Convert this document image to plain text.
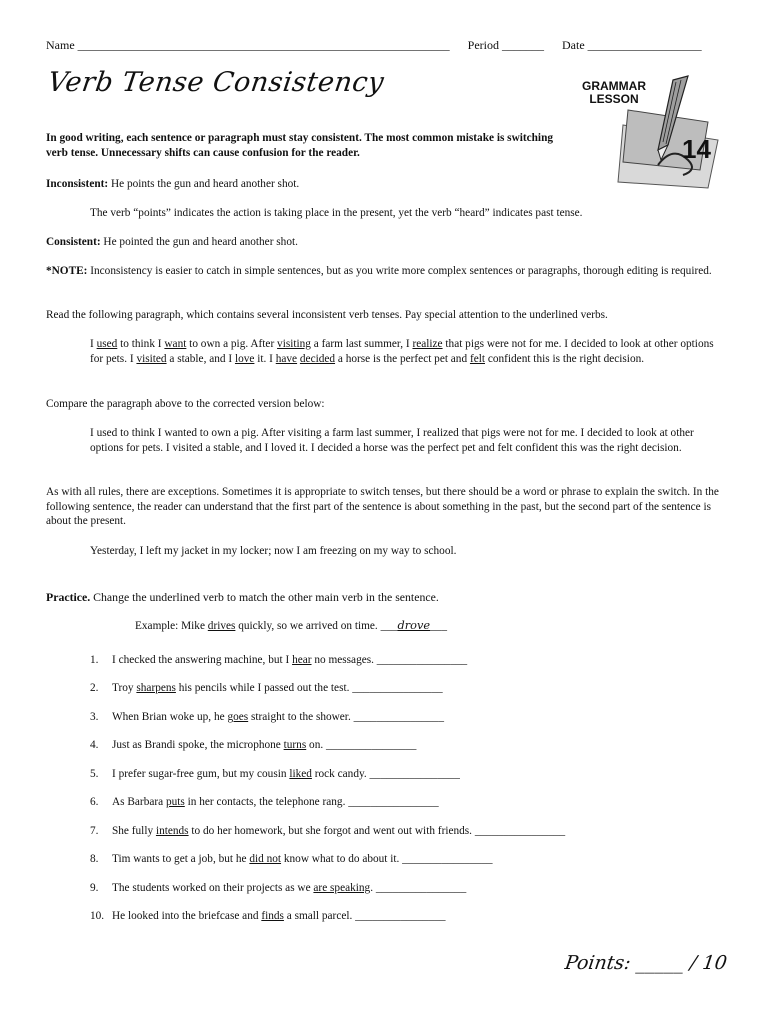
Name ______________________________________________________________ Period _______ Date ___________________
Verb Tense Consistency	GRAMMAR
LESSON
14
In good writing, each sentence or paragraph must stay consistent. The most common mistake is switching verb tense. Unnecessary shifts can cause confusion for the reader.
Inconsistent: He points the gun and heard another shot.
The verb “points” indicates the action is taking place in the present, yet the verb “heard” indicates past tense.
Consistent: He pointed the gun and heard another shot.
*NOTE: Inconsistency is easier to catch in simple sentences, but as you write more complex sentences or paragraphs, thorough editing is required.
Read the following paragraph, which contains several inconsistent verb tenses. Pay special attention to the underlined verbs.
I used to think I want to own a pig. After visiting a farm last summer, I realize that pigs were not for me. I decided to look at other options for pets. I visited a stable, and I love it. I have decided a horse is the perfect pet and felt confident this is the right decision.
Compare the paragraph above to the corrected version below:
I used to think I wanted to own a pig. After visiting a farm last summer, I realized that pigs were not for me. I decided to look at other options for pets. I visited a stable, and I loved it. I decided a horse was the perfect pet and felt confident this was the right decision.
As with all rules, there are exceptions. Sometimes it is appropriate to switch tenses, but there should be a word or phrase to explain the switch. In the following sentence, the reader can understand that the first part of the sentence is about something in the past, but the second part of the sentence is about the present.
Yesterday, I left my jacket in my locker; now I am freezing on my way to school.
Practice. Change the underlined verb to match the other main verb in the sentence.
Example: Mike drives quickly, so we arrived on time. ___drove___
1. I checked the answering machine, but I hear no messages. ________________
2. Troy sharpens his pencils while I passed out the test. ________________
3. When Brian woke up, he goes straight to the shower. ________________
4. Just as Brandi spoke, the microphone turns on. ________________
5. I prefer sugar-free gum, but my cousin liked rock candy. ________________
6. As Barbara puts in her contacts, the telephone rang. ________________
7. She fully intends to do her homework, but she forgot and went out with friends. ________________
8. Tim wants to get a job, but he did not know what to do about it. ________________
9. The students worked on their projects as we are speaking. ________________
10. He looked into the briefcase and finds a small parcel. ________________
Points: _____ / 10
